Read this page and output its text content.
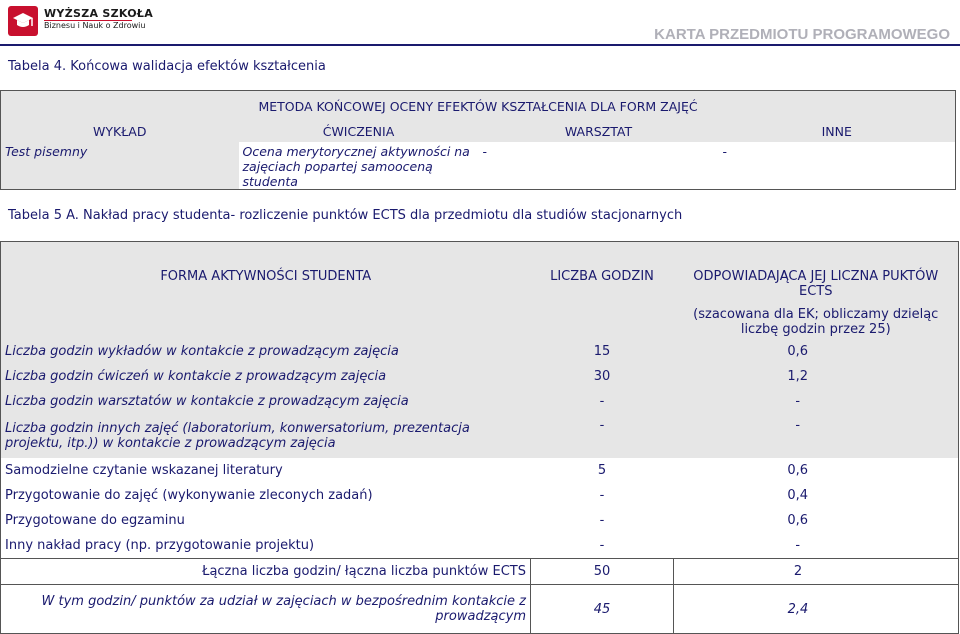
WYŻSZA SZKOŁA
Biznesu i Nauk o Zdrowiu
KARTA PRZEDMIOTU PROGRAMOWEGO
Tabela 4. Końcowa walidacja efektów kształcenia
METODA KOŃCOWEJ OCENY EFEKTÓW KSZTAŁCENIA DLA FORM ZAJĘĆ			
WYKŁAD	ĆWICZENIA	WARSZTAT	INNE
Test pisemny	Ocena merytorycznej aktywności na zajęciach popartej samooceną studenta	-	-
Tabela 5 A. Nakład pracy studenta- rozliczenie punktów ECTS dla przedmiotu dla studiów stacjonarnych
FORMA AKTYWNOŚCI STUDENTA	LICZBA GODZIN	ODPOWIADAJĄCA JEJ LICZNA PUKTÓW ECTS
(szacowana dla EK; obliczamy dzieląc liczbę godzin przez 25)

Liczba godzin wykładów w kontakcie z prowadzącym zajęcia	15	0,6
Liczba godzin ćwiczeń w kontakcie z prowadzącym zajęcia	30	1,2
Liczba godzin warsztatów w kontakcie z prowadzącym zajęcia	-	-
Liczba godzin innych zajęć (laboratorium, konwersatorium, prezentacja projektu, itp.)) w kontakcie z prowadzącym zajęcia	-	-
Samodzielne czytanie wskazanej literatury	5	0,6
Przygotowanie do zajęć (wykonywanie zleconych zadań)	-	0,4
Przygotowane do egzaminu	-	0,6
Inny nakład pracy (np. przygotowanie projektu)	-	-
Łączna liczba godzin/ łączna liczba punktów ECTS	50	2
W tym godzin/ punktów za udział w zajęciach w bezpośrednim kontakcie z prowadzącym	45	2,4
